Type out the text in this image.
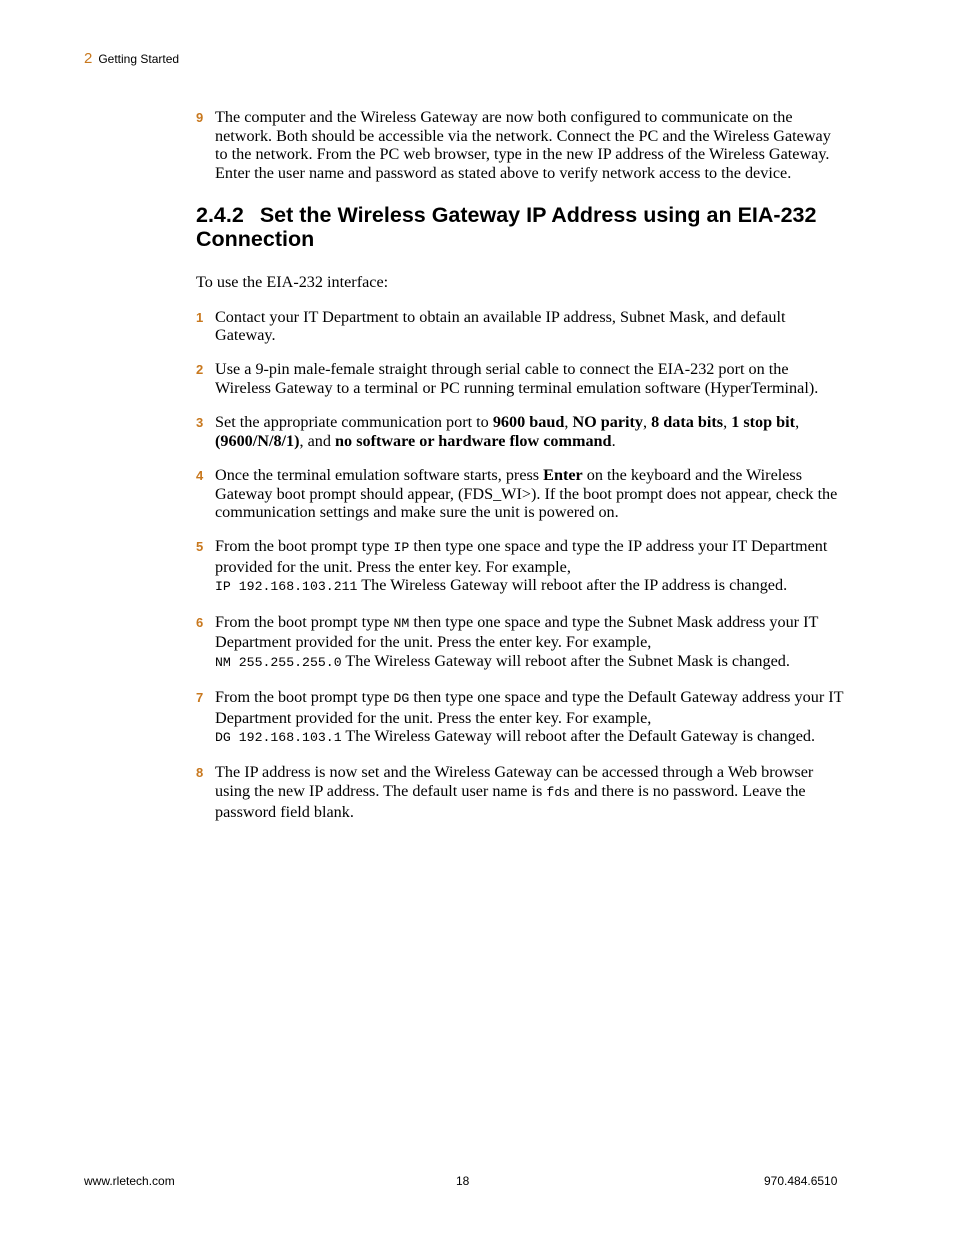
2 Getting Started
9 The computer and the Wireless Gateway are now both configured to communicate on the network. Both should be accessible via the network. Connect the PC and the Wireless Gateway to the network. From the PC web browser, type in the new IP address of the Wireless Gateway. Enter the user name and password as stated above to verify network access to the device.
2.4.2 Set the Wireless Gateway IP Address using an EIA-232 Connection
To use the EIA-232 interface:
1 Contact your IT Department to obtain an available IP address, Subnet Mask, and default Gateway.
2 Use a 9-pin male-female straight through serial cable to connect the EIA-232 port on the Wireless Gateway to a terminal or PC running terminal emulation software (HyperTerminal).
3 Set the appropriate communication port to 9600 baud, NO parity, 8 data bits, 1 stop bit, (9600/N/8/1), and no software or hardware flow command.
4 Once the terminal emulation software starts, press Enter on the keyboard and the Wireless Gateway boot prompt should appear, (FDS_WI>). If the boot prompt does not appear, check the communication settings and make sure the unit is powered on.
5 From the boot prompt type IP then type one space and type the IP address your IT Department provided for the unit. Press the enter key. For example,
IP 192.168.103.211 The Wireless Gateway will reboot after the IP address is changed.
6 From the boot prompt type NM then type one space and type the Subnet Mask address your IT Department provided for the unit. Press the enter key. For example,
NM 255.255.255.0 The Wireless Gateway will reboot after the Subnet Mask is changed.
7 From the boot prompt type DG then type one space and type the Default Gateway address your IT Department provided for the unit. Press the enter key. For example,
DG 192.168.103.1 The Wireless Gateway will reboot after the Default Gateway is changed.
8 The IP address is now set and the Wireless Gateway can be accessed through a Web browser using the new IP address. The default user name is fds and there is no password. Leave the password field blank.
www.rletech.com	18	970.484.6510
